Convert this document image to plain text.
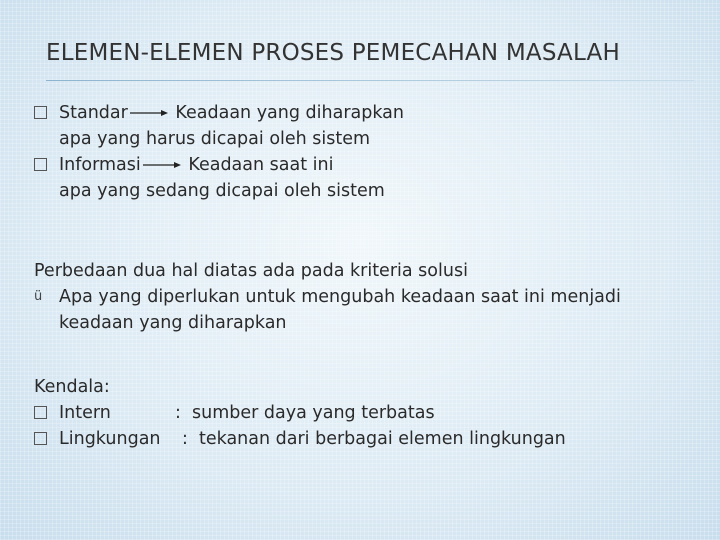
ELEMEN-ELEMEN PROSES PEMECAHAN MASALAH
Standar	Keadaan yang diharapkan
apa yang harus dicapai oleh sistem
Informasi	Keadaan saat ini
apa yang sedang dicapai oleh sistem
Perbedaan dua hal diatas ada pada kriteria solusi
ü Apa yang diperlukan untuk mengubah keadaan saat ini menjadi
keadaan yang diharapkan
Kendala:
Intern	: sumber daya yang terbatas
Lingkungan : tekanan dari berbagai elemen lingkungan
